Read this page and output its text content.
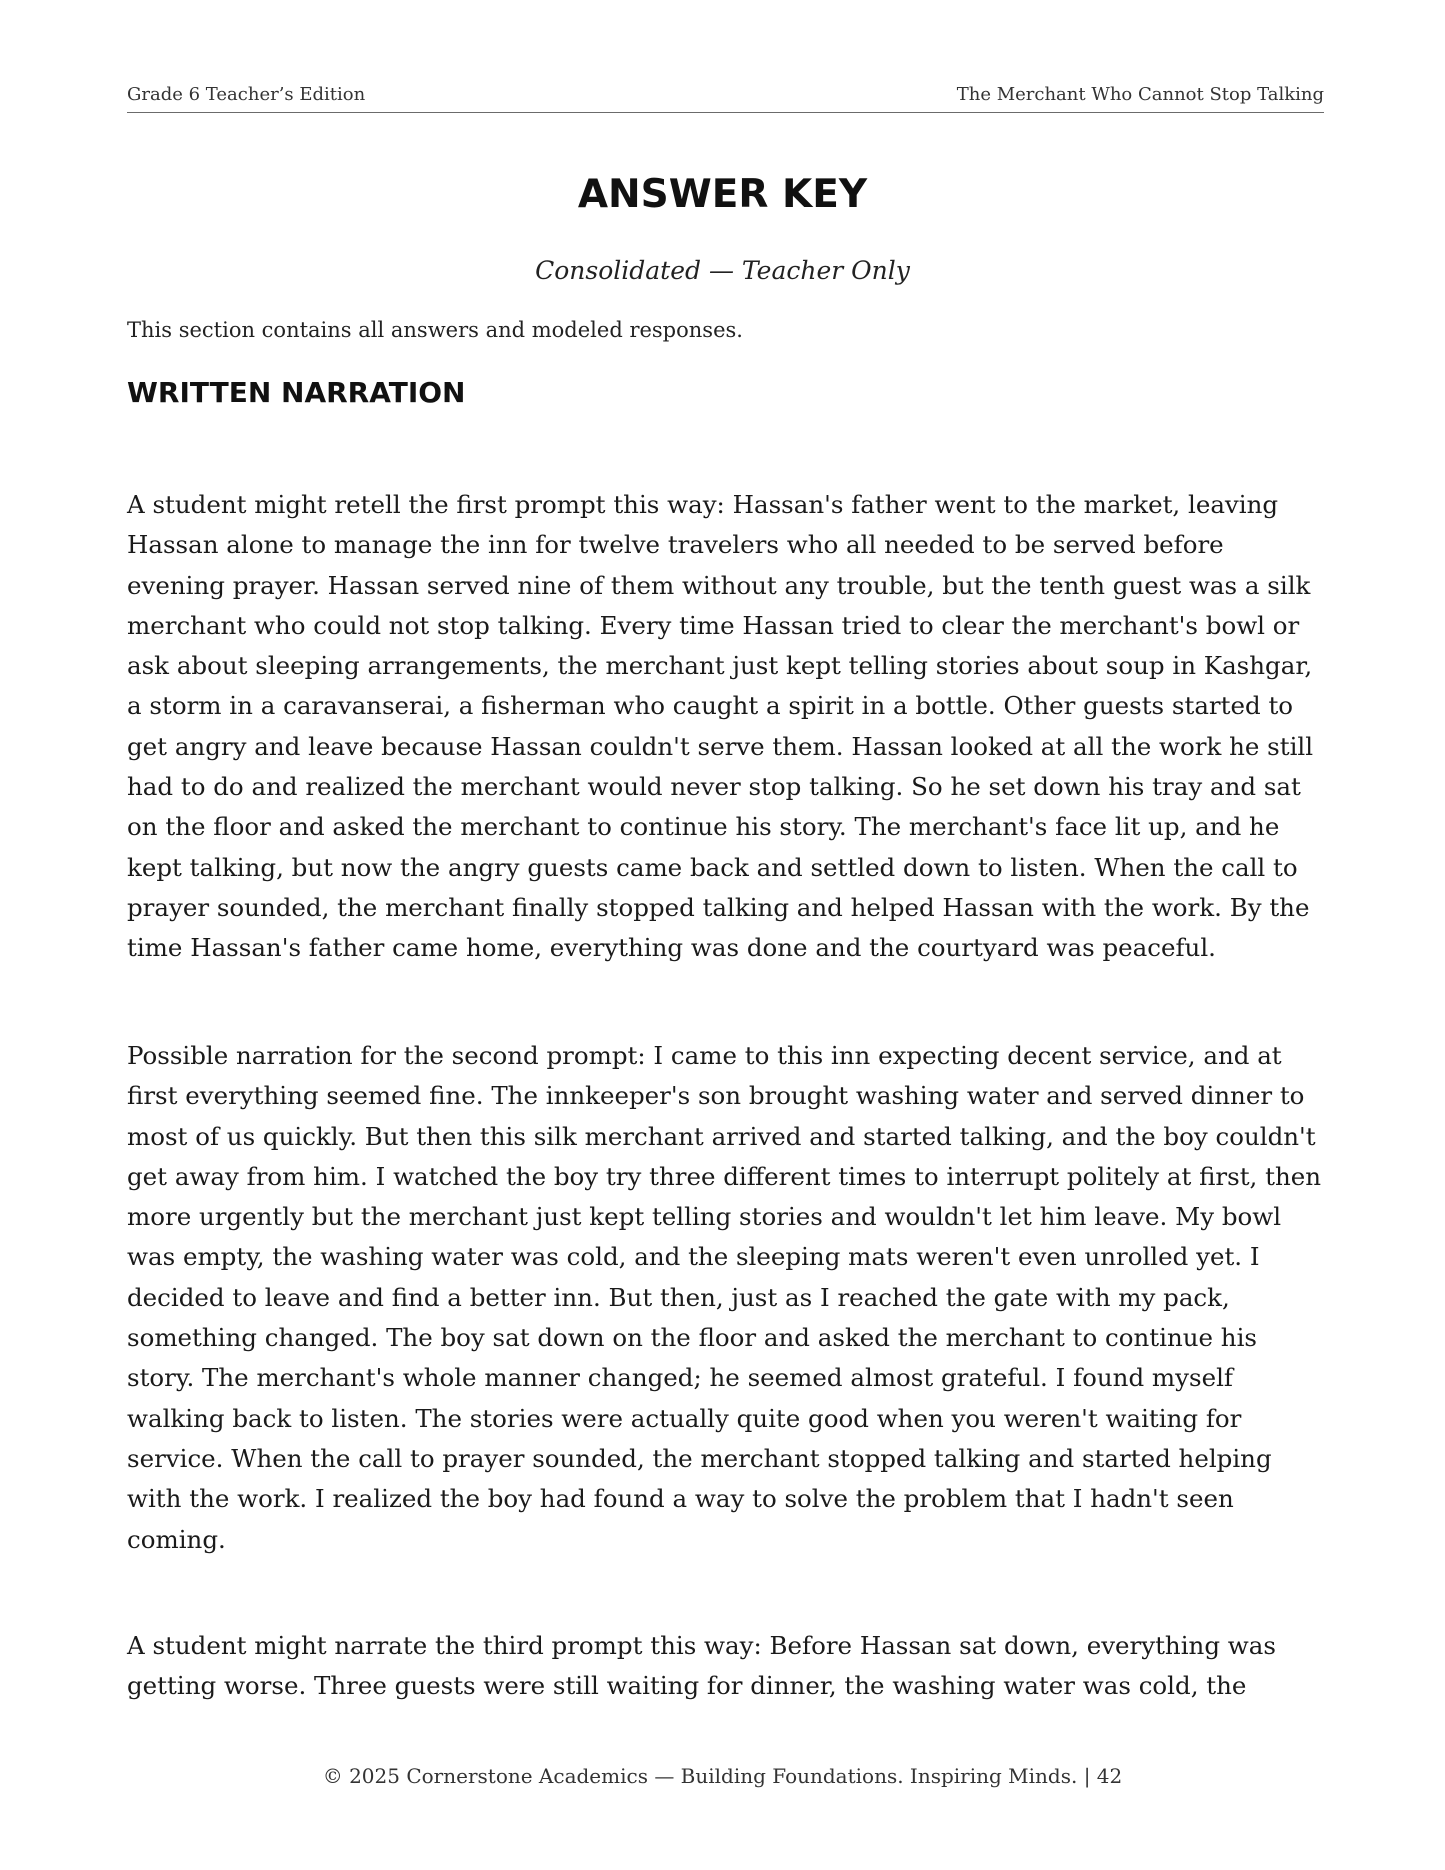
Grade 6 Teacher’s Edition	The Merchant Who Cannot Stop Talking
ANSWER KEY
Consolidated — Teacher Only
This section contains all answers and modeled responses.
WRITTEN NARRATION

A student might retell the first prompt this way: Hassan's father went to the market, leaving Hassan alone to manage the inn for twelve travelers who all needed to be served before evening prayer. Hassan served nine of them without any trouble, but the tenth guest was a silk merchant who could not stop talking. Every time Hassan tried to clear the merchant's bowl or ask about sleeping arrangements, the merchant just kept telling stories about soup in Kashgar, a storm in a caravanserai, a fisherman who caught a spirit in a bottle. Other guests started to get angry and leave because Hassan couldn't serve them. Hassan looked at all the work he still had to do and realized the merchant would never stop talking. So he set down his tray and sat on the floor and asked the merchant to continue his story. The merchant's face lit up, and he kept talking, but now the angry guests came back and settled down to listen. When the call to prayer sounded, the merchant finally stopped talking and helped Hassan with the work. By the time Hassan's father came home, everything was done and the courtyard was peaceful.

Possible narration for the second prompt: I came to this inn expecting decent service, and at first everything seemed fine. The innkeeper's son brought washing water and served dinner to most of us quickly. But then this silk merchant arrived and started talking, and the boy couldn't get away from him. I watched the boy try three different times to interrupt politely at first, then more urgently but the merchant just kept telling stories and wouldn't let him leave. My bowl was empty, the washing water was cold, and the sleeping mats weren't even unrolled yet. I decided to leave and find a better inn. But then, just as I reached the gate with my pack, something changed. The boy sat down on the floor and asked the merchant to continue his story. The merchant's whole manner changed; he seemed almost grateful. I found myself walking back to listen. The stories were actually quite good when you weren't waiting for service. When the call to prayer sounded, the merchant stopped talking and started helping with the work. I realized the boy had found a way to solve the problem that I hadn't seen coming.

A student might narrate the third prompt this way: Before Hassan sat down, everything was getting worse. Three guests were still waiting for dinner, the washing water was cold, the

© 2025 Cornerstone Academics — Building Foundations. Inspiring Minds. | 42
